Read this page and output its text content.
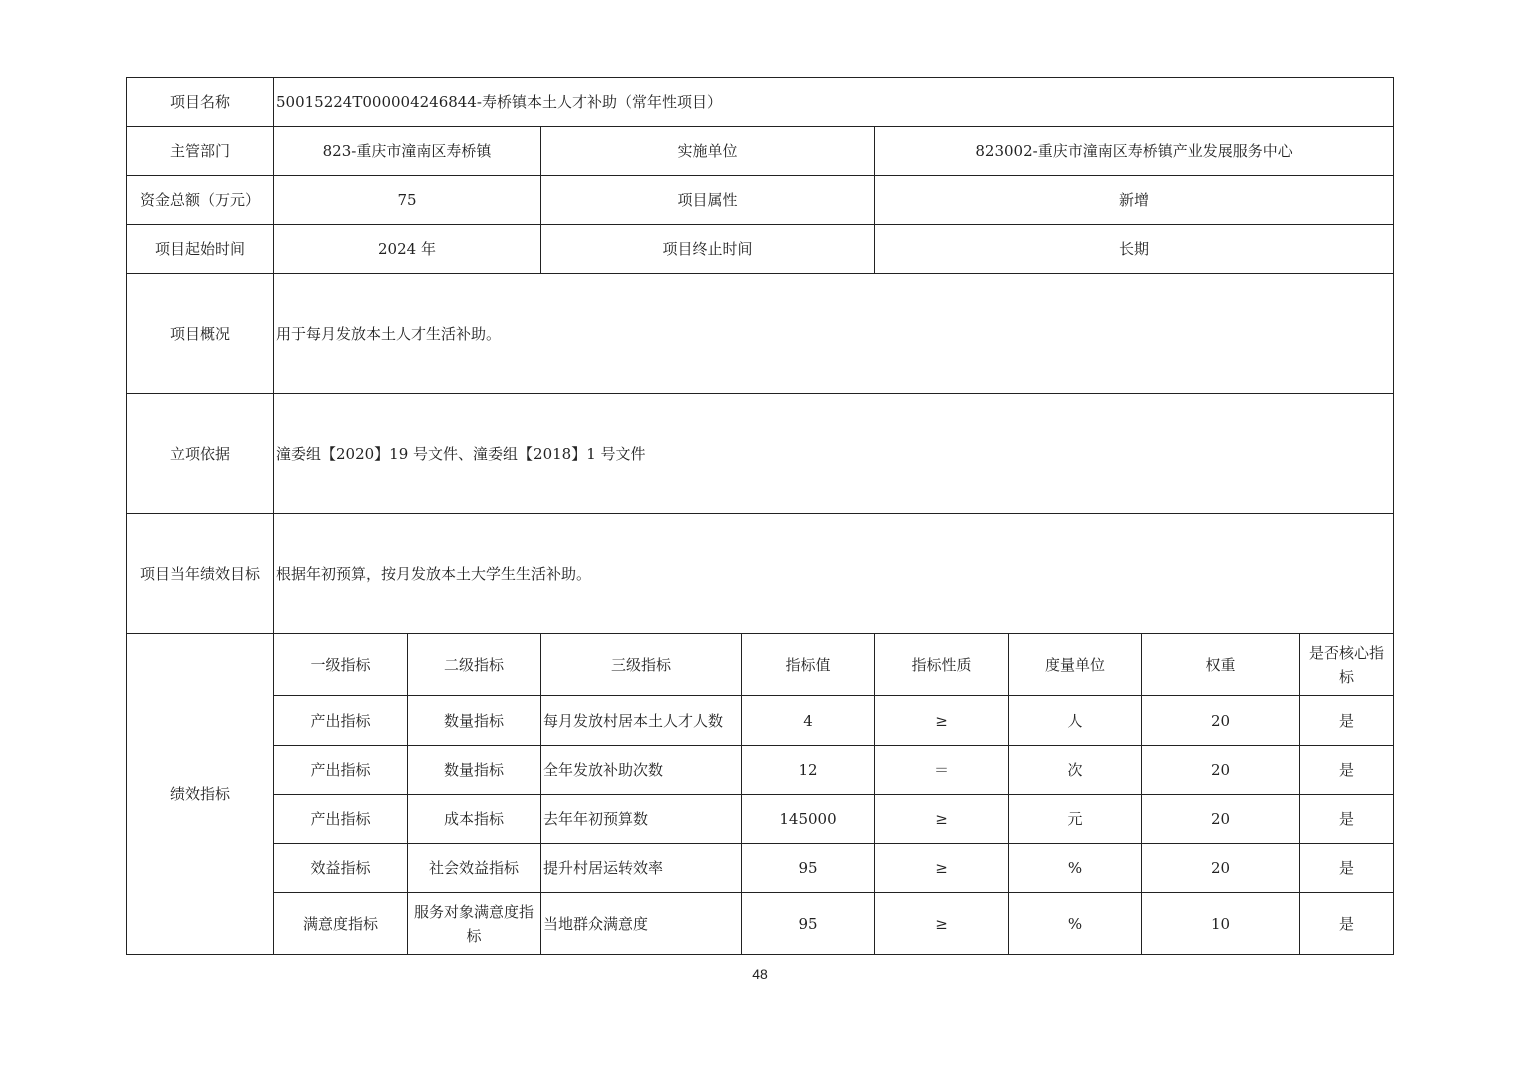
项目名称	50015224T000004246844-寿桥镇本土人才补助（常年性项目）							
主管部门	823-重庆市潼南区寿桥镇		实施单位		823002-重庆市潼南区寿桥镇产业发展服务中心			
资金总额（万元）	75		项目属性		新增			
项目起始时间	2024 年		项目终止时间		长期			
项目概况	用于每月发放本土人才生活补助。							
立项依据	潼委组【2020】19 号文件、潼委组【2018】1 号文件							
项目当年绩效目标	根据年初预算，按月发放本土大学生生活补助。							
绩效指标	一级指标	二级指标	三级指标	指标值	指标性质	度量单位	权重	是否核心指标
	产出指标	数量指标	每月发放村居本土人才人数	4	≥	人	20	是
	产出指标	数量指标	全年发放补助次数	12	＝	次	20	是
	产出指标	成本指标	去年年初预算数	145000	≥	元	20	是
	效益指标	社会效益指标	提升村居运转效率	95	≥	%	20	是
	满意度指标	服务对象满意度指标	当地群众满意度	95	≥	%	10	是
48
